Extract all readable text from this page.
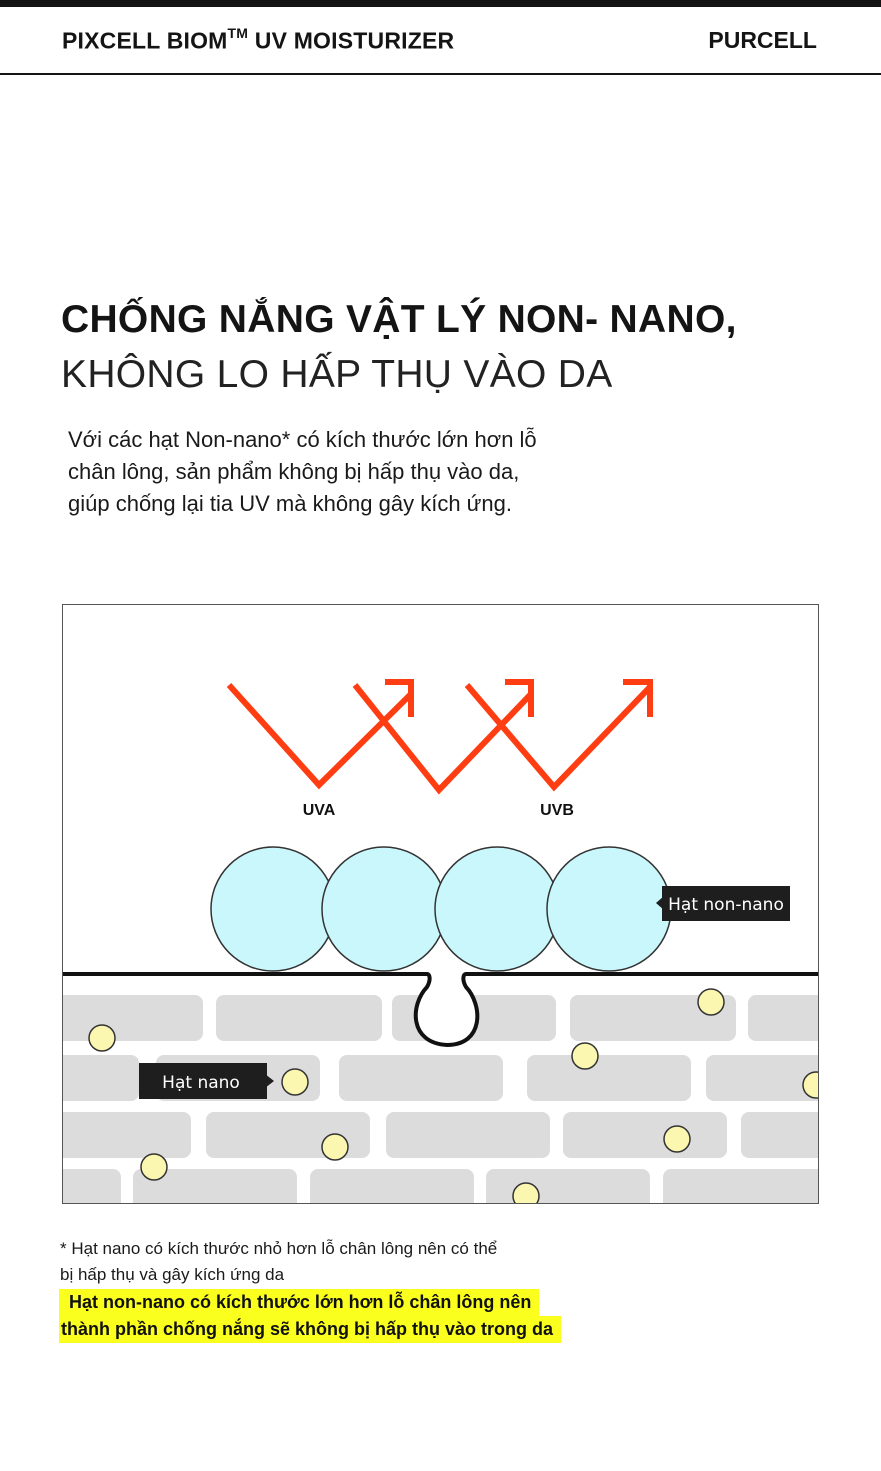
PIXCELL BIOM™ UV MOISTURIZER	PURCELL
CHỐNG NẮNG VẬT LÝ NON- NANO,
KHÔNG LO HẤP THỤ VÀO DA
Với các hạt Non-nano* có kích thước lớn hơn lỗ
chân lông, sản phẩm không bị hấp thụ vào da,
giúp chống lại tia UV mà không gây kích ứng.
UVA	UVB
Hạt non-nano
Hạt nano
* Hạt nano có kích thước nhỏ hơn lỗ chân lông nên có thể
bị hấp thụ và gây kích ứng da
Hạt non-nano có kích thước lớn hơn lỗ chân lông nên
thành phần chống nắng sẽ không bị hấp thụ vào trong da
